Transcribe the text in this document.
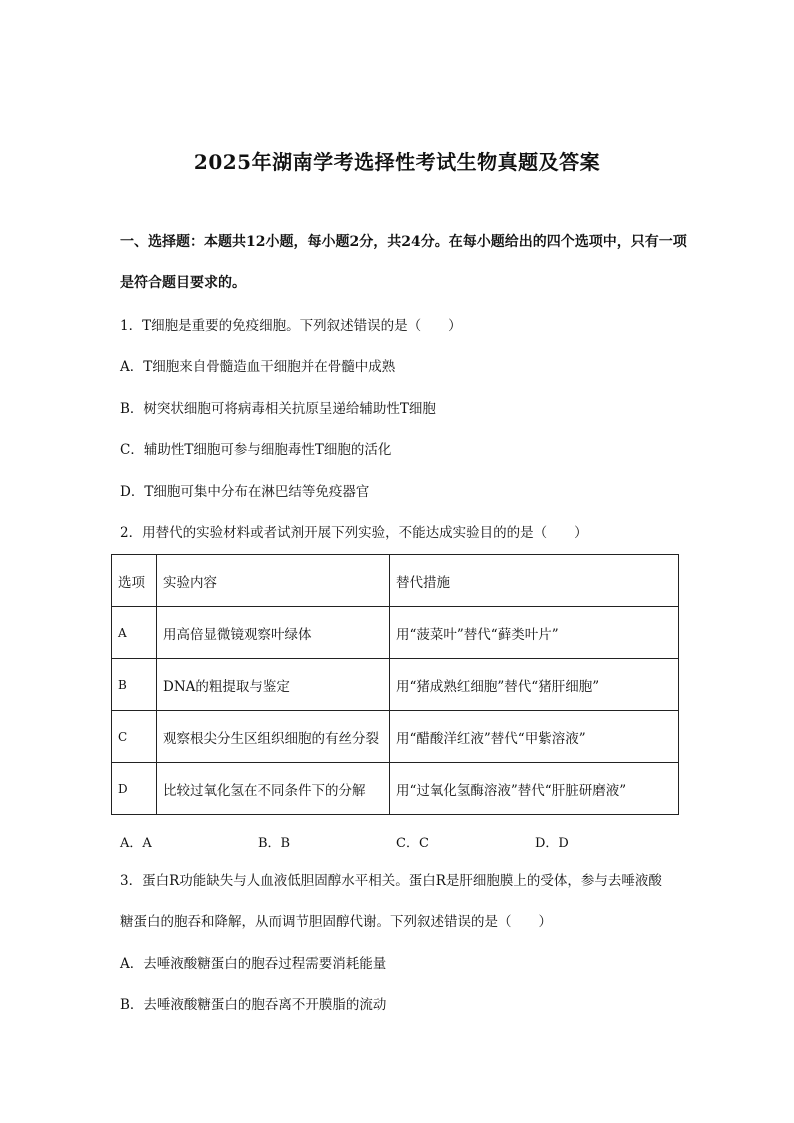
2025年湖南学考选择性考试生物真题及答案
一、选择题：本题共12小题，每小题2分，共24分。在每小题给出的四个选项中，只有一项
是符合题目要求的。
1．T细胞是重要的免疫细胞。下列叙述错误的是（　　）
A．T细胞来自骨髓造血干细胞并在骨髓中成熟
B．树突状细胞可将病毒相关抗原呈递给辅助性T细胞
C．辅助性T细胞可参与细胞毒性T细胞的活化
D．T细胞可集中分布在淋巴结等免疫器官
2．用替代的实验材料或者试剂开展下列实验，不能达成实验目的的是（　　）
选项	实验内容	替代措施
A	用高倍显微镜观察叶绿体	用“菠菜叶”替代“藓类叶片”
B	DNA的粗提取与鉴定	用“猪成熟红细胞”替代“猪肝细胞”
C	观察根尖分生区组织细胞的有丝分裂	用“醋酸洋红液”替代“甲紫溶液”
D	比较过氧化氢在不同条件下的分解	用“过氧化氢酶溶液”替代“肝脏研磨液”
A．A	B．B	C．C	D．D
3．蛋白R功能缺失与人血液低胆固醇水平相关。蛋白R是肝细胞膜上的受体，参与去唾液酸
糖蛋白的胞吞和降解，从而调节胆固醇代谢。下列叙述错误的是（　　）
A．去唾液酸糖蛋白的胞吞过程需要消耗能量
B．去唾液酸糖蛋白的胞吞离不开膜脂的流动
